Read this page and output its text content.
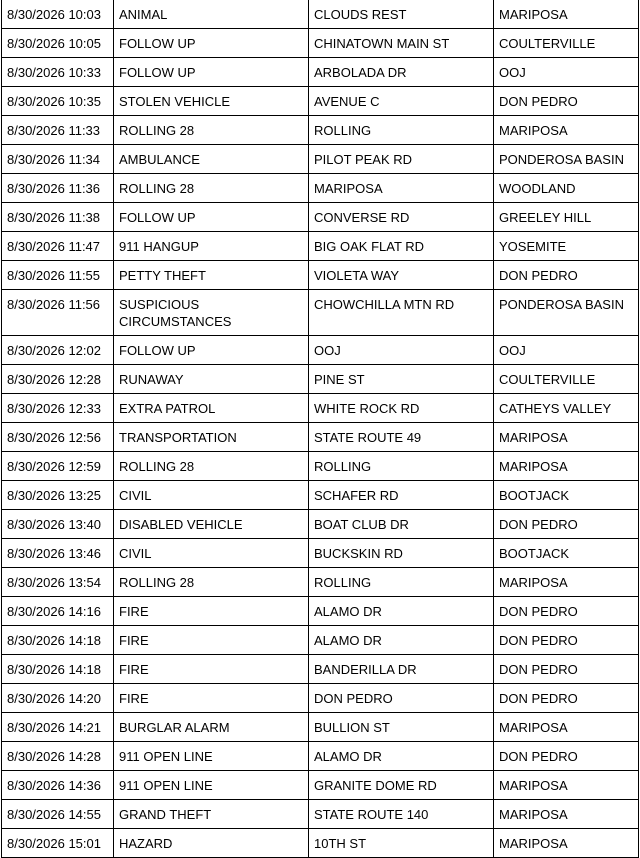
8/30/2026 10:03	ANIMAL	CLOUDS REST	MARIPOSA
8/30/2026 10:05	FOLLOW UP	CHINATOWN MAIN ST	COULTERVILLE
8/30/2026 10:33	FOLLOW UP	ARBOLADA DR	OOJ
8/30/2026 10:35	STOLEN VEHICLE	AVENUE C	DON PEDRO
8/30/2026 11:33	ROLLING 28	ROLLING	MARIPOSA
8/30/2026 11:34	AMBULANCE	PILOT PEAK RD	PONDEROSA BASIN
8/30/2026 11:36	ROLLING 28	MARIPOSA	WOODLAND
8/30/2026 11:38	FOLLOW UP	CONVERSE RD	GREELEY HILL
8/30/2026 11:47	911 HANGUP	BIG OAK FLAT RD	YOSEMITE
8/30/2026 11:55	PETTY THEFT	VIOLETA WAY	DON PEDRO
8/30/2026 11:56	SUSPICIOUS CIRCUMSTANCES	CHOWCHILLA MTN RD	PONDEROSA BASIN
8/30/2026 12:02	FOLLOW UP	OOJ	OOJ
8/30/2026 12:28	RUNAWAY	PINE ST	COULTERVILLE
8/30/2026 12:33	EXTRA PATROL	WHITE ROCK RD	CATHEYS VALLEY
8/30/2026 12:56	TRANSPORTATION	STATE ROUTE 49	MARIPOSA
8/30/2026 12:59	ROLLING 28	ROLLING	MARIPOSA
8/30/2026 13:25	CIVIL	SCHAFER RD	BOOTJACK
8/30/2026 13:40	DISABLED VEHICLE	BOAT CLUB DR	DON PEDRO
8/30/2026 13:46	CIVIL	BUCKSKIN RD	BOOTJACK
8/30/2026 13:54	ROLLING 28	ROLLING	MARIPOSA
8/30/2026 14:16	FIRE	ALAMO DR	DON PEDRO
8/30/2026 14:18	FIRE	ALAMO DR	DON PEDRO
8/30/2026 14:18	FIRE	BANDERILLA DR	DON PEDRO
8/30/2026 14:20	FIRE	DON PEDRO	DON PEDRO
8/30/2026 14:21	BURGLAR ALARM	BULLION ST	MARIPOSA
8/30/2026 14:28	911 OPEN LINE	ALAMO DR	DON PEDRO
8/30/2026 14:36	911 OPEN LINE	GRANITE DOME RD	MARIPOSA
8/30/2026 14:55	GRAND THEFT	STATE ROUTE 140	MARIPOSA
8/30/2026 15:01	HAZARD	10TH ST	MARIPOSA
